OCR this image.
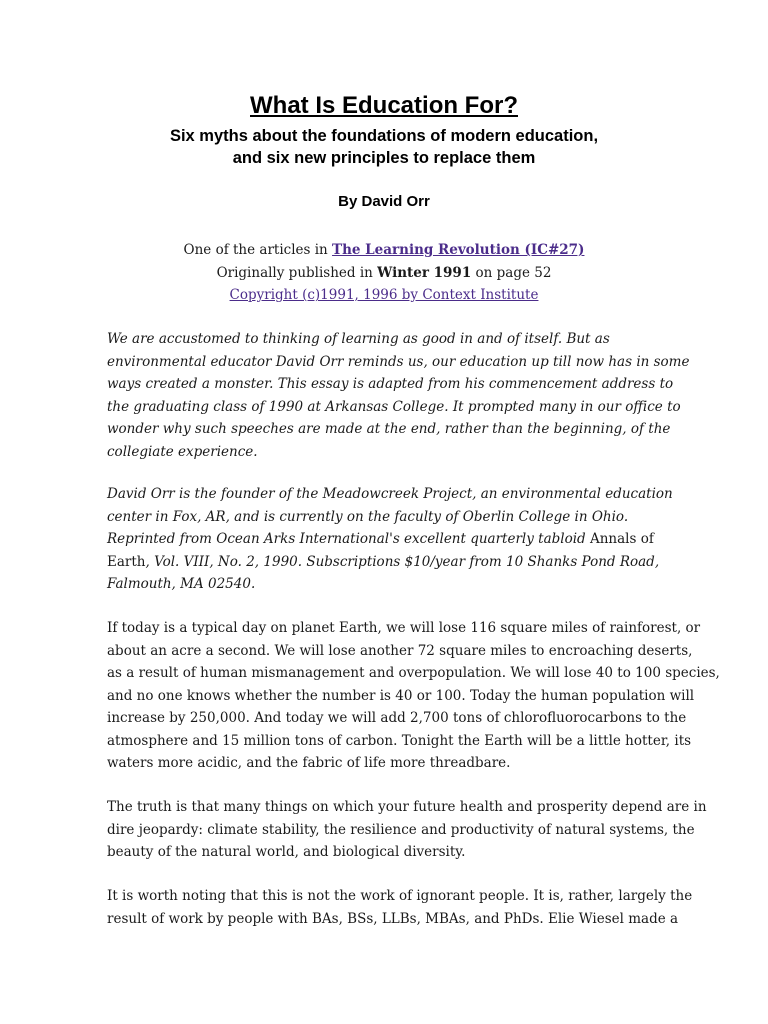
What Is Education For?
Six myths about the foundations of modern education,
and six new principles to replace them
By David Orr
One of the articles in The Learning Revolution (IC#27)
Originally published in Winter 1991 on page 52
Copyright (c)1991, 1996 by Context Institute
We are accustomed to thinking of learning as good in and of itself. But as
environmental educator David Orr reminds us, our education up till now has in some
ways created a monster. This essay is adapted from his commencement address to
the graduating class of 1990 at Arkansas College. It prompted many in our office to
wonder why such speeches are made at the end, rather than the beginning, of the
collegiate experience.
David Orr is the founder of the Meadowcreek Project, an environmental education
center in Fox, AR, and is currently on the faculty of Oberlin College in Ohio.
Reprinted from Ocean Arks International's excellent quarterly tabloid Annals of
Earth, Vol. VIII, No. 2, 1990. Subscriptions $10/year from 10 Shanks Pond Road,
Falmouth, MA 02540.
If today is a typical day on planet Earth, we will lose 116 square miles of rainforest, or
about an acre a second. We will lose another 72 square miles to encroaching deserts,
as a result of human mismanagement and overpopulation. We will lose 40 to 100 species,
and no one knows whether the number is 40 or 100. Today the human population will
increase by 250,000. And today we will add 2,700 tons of chlorofluorocarbons to the
atmosphere and 15 million tons of carbon. Tonight the Earth will be a little hotter, its
waters more acidic, and the fabric of life more threadbare.
The truth is that many things on which your future health and prosperity depend are in
dire jeopardy: climate stability, the resilience and productivity of natural systems, the
beauty of the natural world, and biological diversity.
It is worth noting that this is not the work of ignorant people. It is, rather, largely the
result of work by people with BAs, BSs, LLBs, MBAs, and PhDs. Elie Wiesel made a
